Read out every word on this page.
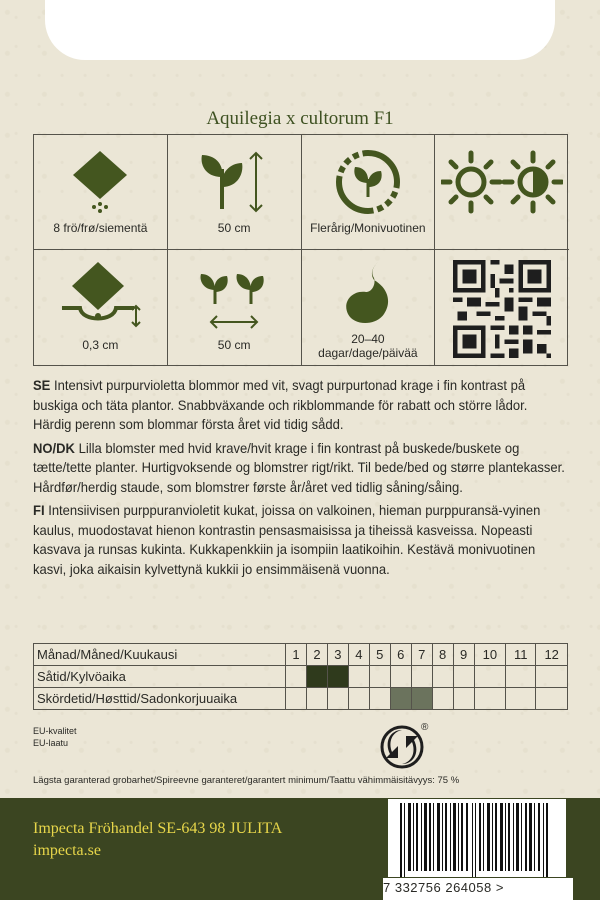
Aquilegia x cultorum F1
8 frö/frø/siementä	50 cm	Flerårig/Monivuotinen
0,3 cm	50 cm	20–40
dagar/dage/päivää

SE Intensivt purpurvioletta blommor med vit, svagt purpurtonad krage i fin kontrast på buskiga och täta plantor. Snabbväxande och rikblommande för rabatt och större lådor. Härdig perenn som blommar första året vid tidig sådd.

NO/DK Lilla blomster med hvid krave/hvit krage i fin kontrast på buskede/buskete og tætte/tette planter. Hurtigvoksende og blomstrer rigt/rikt. Til bede/bed og større plantekasser. Hårdfør/herdig staude, som blomstrer første år/året ved tidlig såning/såing.

FI Intensiivisen purppuranvioletit kukat, joissa on valkoinen, hieman purppuransä-vyinen kaulus, muodostavat hienon kontrastin pensasmaisissa ja tiheissä kasveissa. Nopeasti kasvava ja runsas kukinta. Kukkapenkkiin ja isompiin laatikoihin. Kestävä monivuotinen kasvi, joka aikaisin kylvettynä kukkii jo ensimmäisenä vuonna.

Månad/Måned/Kuukausi	1	2	3	4	5	6	7	8	9	10	11	12
Såtid/Kylvöaika												
Skördetid/Høsttid/Sadonkorjuuaika												
EU-kvalitet
EU-laatu
®
Lägsta garanterad grobarhet/Spireevne garanteret/garantert minimum/Taattu vähimmäisitävyys: 75 %
Impecta Fröhandel SE-643 98 JULITA
impecta.se
7 332756 264058 >
